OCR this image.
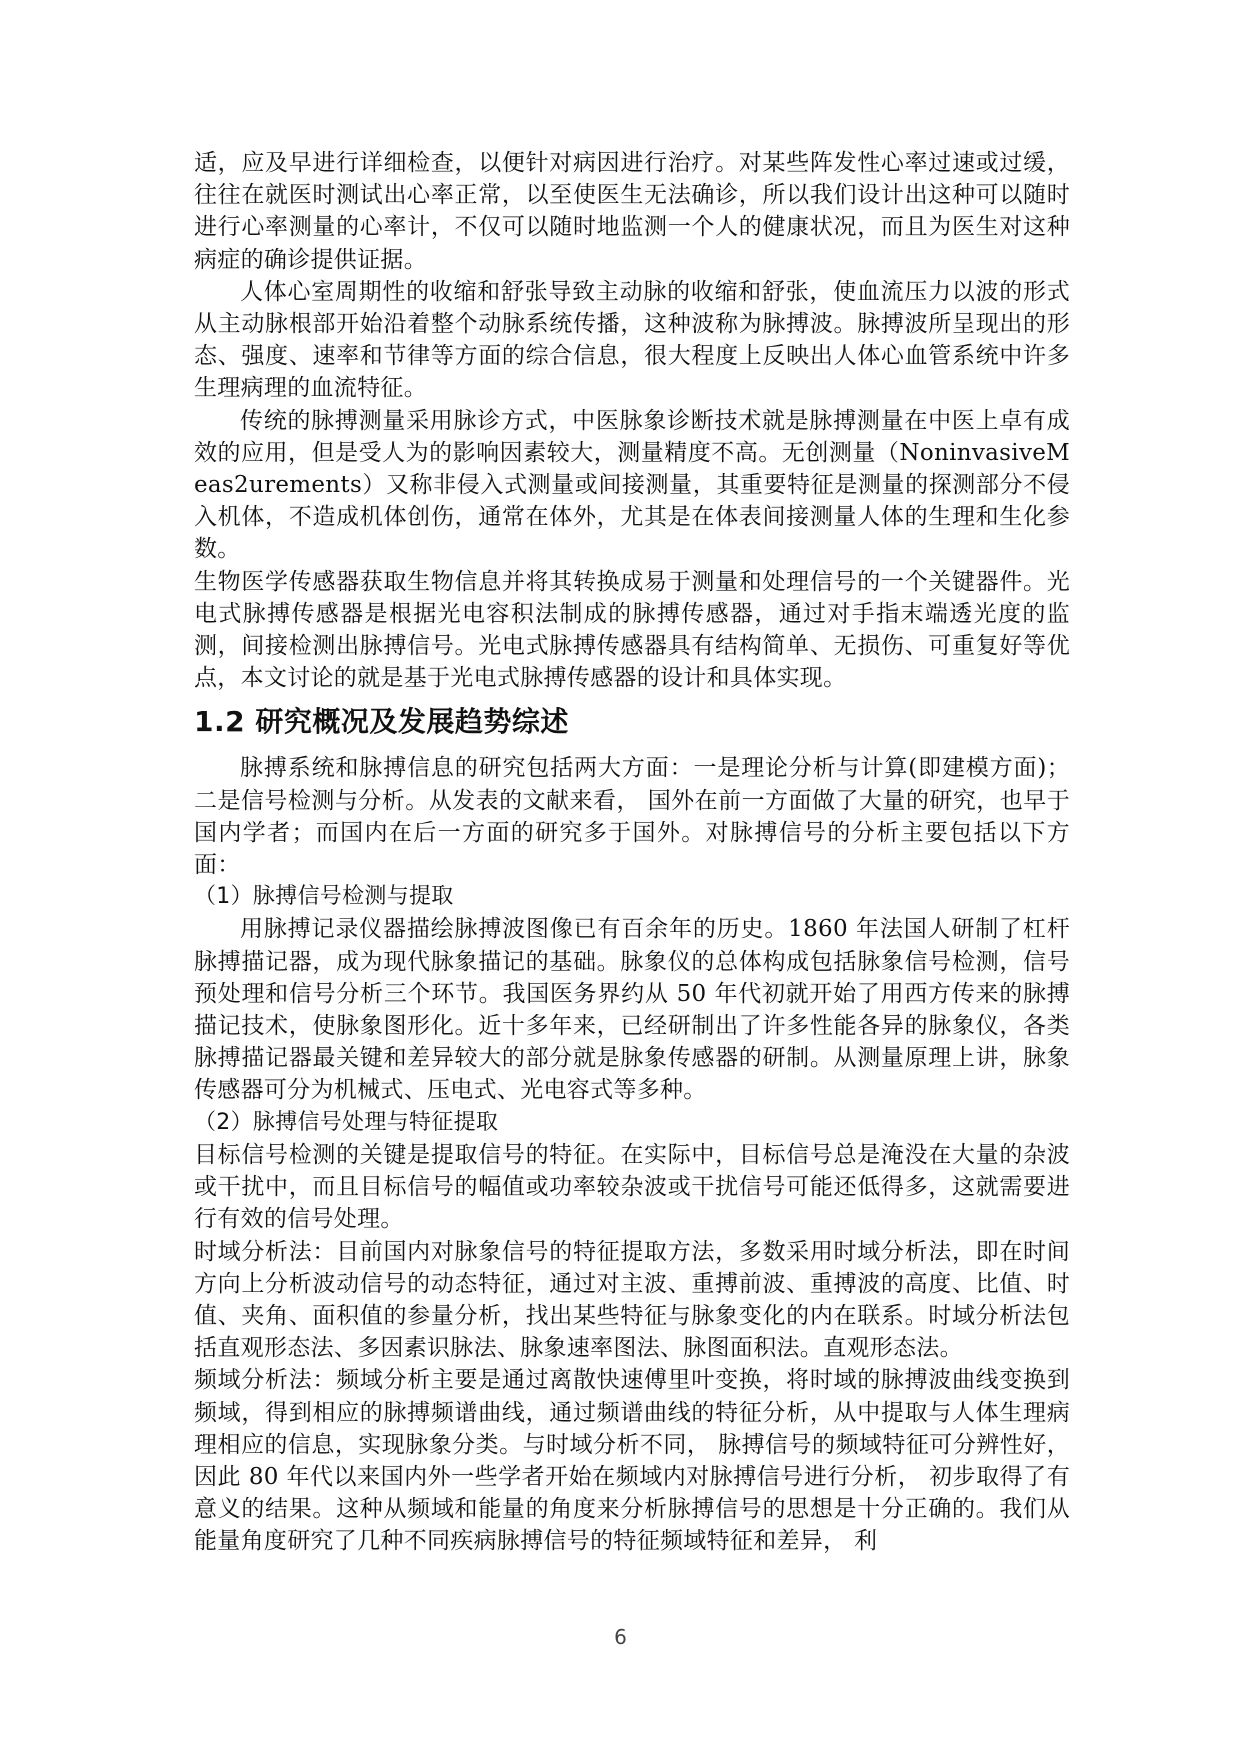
适，应及早进行详细检查，以便针对病因进行治疗。对某些阵发性心率过速或过缓，往往在就医时测试出心率正常，以至使医生无法确诊，所以我们设计出这种可以随时进行心率测量的心率计，不仅可以随时地监测一个人的健康状况，而且为医生对这种病症的确诊提供证据。

人体心室周期性的收缩和舒张导致主动脉的收缩和舒张，使血流压力以波的形式从主动脉根部开始沿着整个动脉系统传播，这种波称为脉搏波。脉搏波所呈现出的形态、强度、速率和节律等方面的综合信息，很大程度上反映出人体心血管系统中许多生理病理的血流特征。

传统的脉搏测量采用脉诊方式，中医脉象诊断技术就是脉搏测量在中医上卓有成效的应用，但是受人为的影响因素较大，测量精度不高。无创测量（NoninvasiveMeas2urements）又称非侵入式测量或间接测量，其重要特征是测量的探测部分不侵入机体，不造成机体创伤，通常在体外，尤其是在体表间接测量人体的生理和生化参数。

生物医学传感器获取生物信息并将其转换成易于测量和处理信号的一个关键器件。光电式脉搏传感器是根据光电容积法制成的脉搏传感器，通过对手指末端透光度的监测，间接检测出脉搏信号。光电式脉搏传感器具有结构简单、无损伤、可重复好等优点，本文讨论的就是基于光电式脉搏传感器的设计和具体实现。

1.2 研究概况及发展趋势综述

脉搏系统和脉搏信息的研究包括两大方面：一是理论分析与计算(即建模方面)；二是信号检测与分析。从发表的文献来看， 国外在前一方面做了大量的研究，也早于国内学者；而国内在后一方面的研究多于国外。对脉搏信号的分析主要包括以下方面：

（1）脉搏信号检测与提取

用脉搏记录仪器描绘脉搏波图像已有百余年的历史。1860 年法国人研制了杠杆脉搏描记器，成为现代脉象描记的基础。脉象仪的总体构成包括脉象信号检测，信号预处理和信号分析三个环节。我国医务界约从 50 年代初就开始了用西方传来的脉搏描记技术，使脉象图形化。近十多年来，已经研制出了许多性能各异的脉象仪，各类脉搏描记器最关键和差异较大的部分就是脉象传感器的研制。从测量原理上讲，脉象传感器可分为机械式、压电式、光电容式等多种。

（2）脉搏信号处理与特征提取

目标信号检测的关键是提取信号的特征。在实际中，目标信号总是淹没在大量的杂波或干扰中，而且目标信号的幅值或功率较杂波或干扰信号可能还低得多，这就需要进行有效的信号处理。

时域分析法：目前国内对脉象信号的特征提取方法，多数采用时域分析法，即在时间方向上分析波动信号的动态特征，通过对主波、重搏前波、重搏波的高度、比值、时值、夹角、面积值的参量分析，找出某些特征与脉象变化的内在联系。时域分析法包括直观形态法、多因素识脉法、脉象速率图法、脉图面积法。直观形态法。

频域分析法：频域分析主要是通过离散快速傅里叶变换，将时域的脉搏波曲线变换到频域，得到相应的脉搏频谱曲线，通过频谱曲线的特征分析，从中提取与人体生理病理相应的信息，实现脉象分类。与时域分析不同， 脉搏信号的频域特征可分辨性好， 因此 80 年代以来国内外一些学者开始在频域内对脉搏信号进行分析， 初步取得了有意义的结果。这种从频域和能量的角度来分析脉搏信号的思想是十分正确的。我们从能量角度研究了几种不同疾病脉搏信号的特征频域特征和差异， 利

6
